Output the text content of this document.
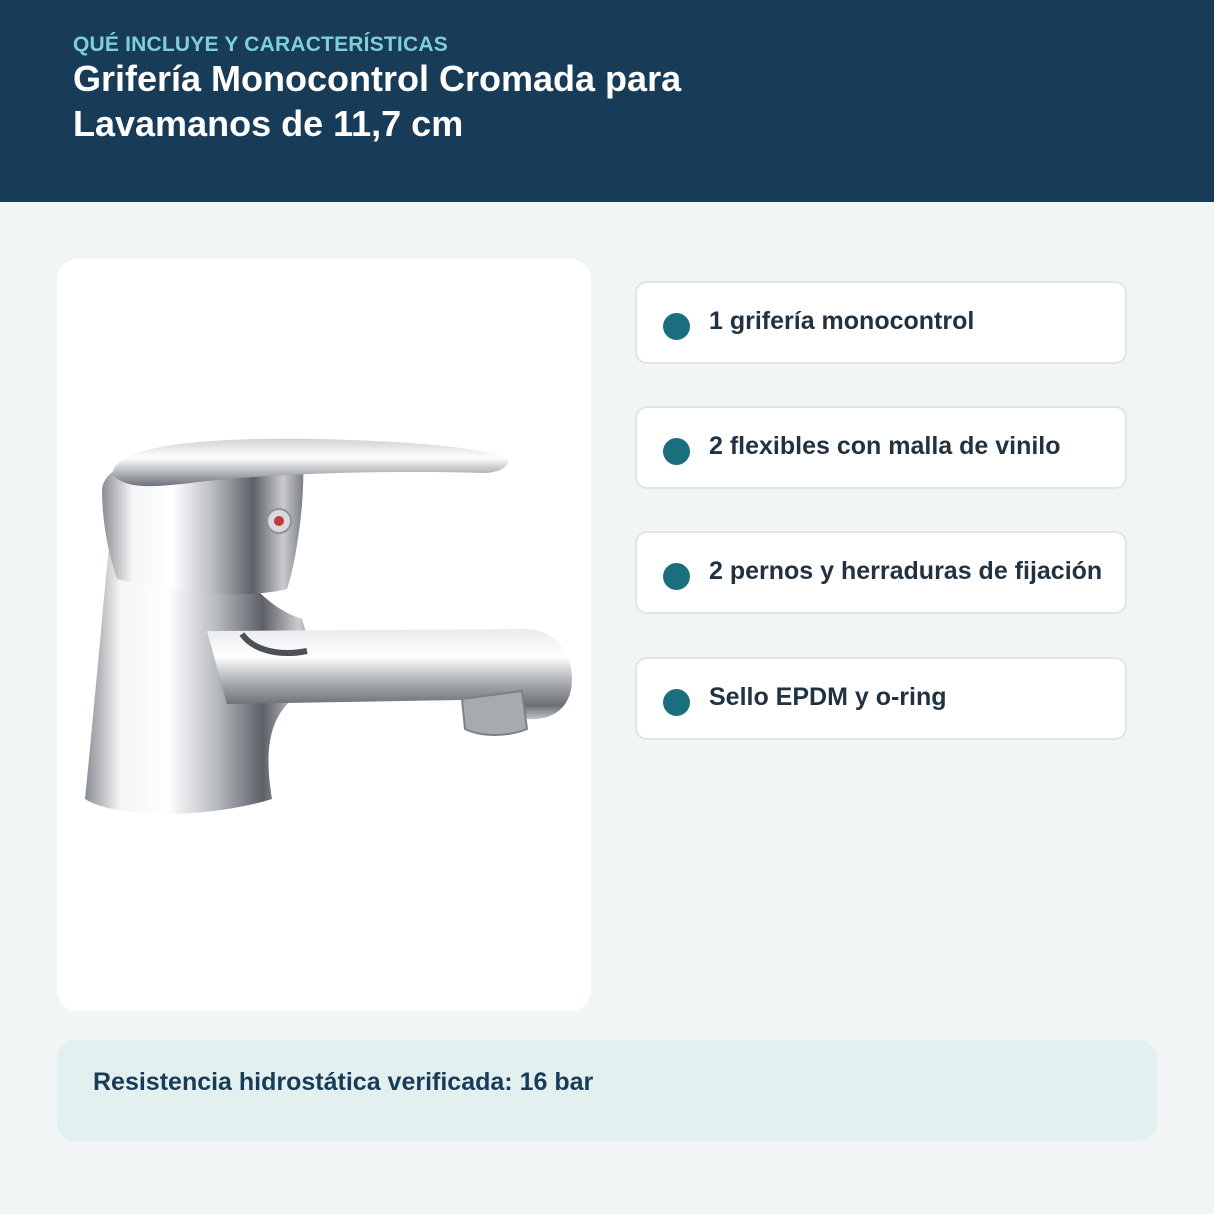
QUÉ INCLUYE Y CARACTERÍSTICAS
Grifería Monocontrol Cromada para Lavamanos de 11,7 cm
1 grifería monocontrol
2 flexibles con malla de vinilo
2 pernos y herraduras de fijación
Sello EPDM y o-ring
Resistencia hidrostática verificada: 16 bar
